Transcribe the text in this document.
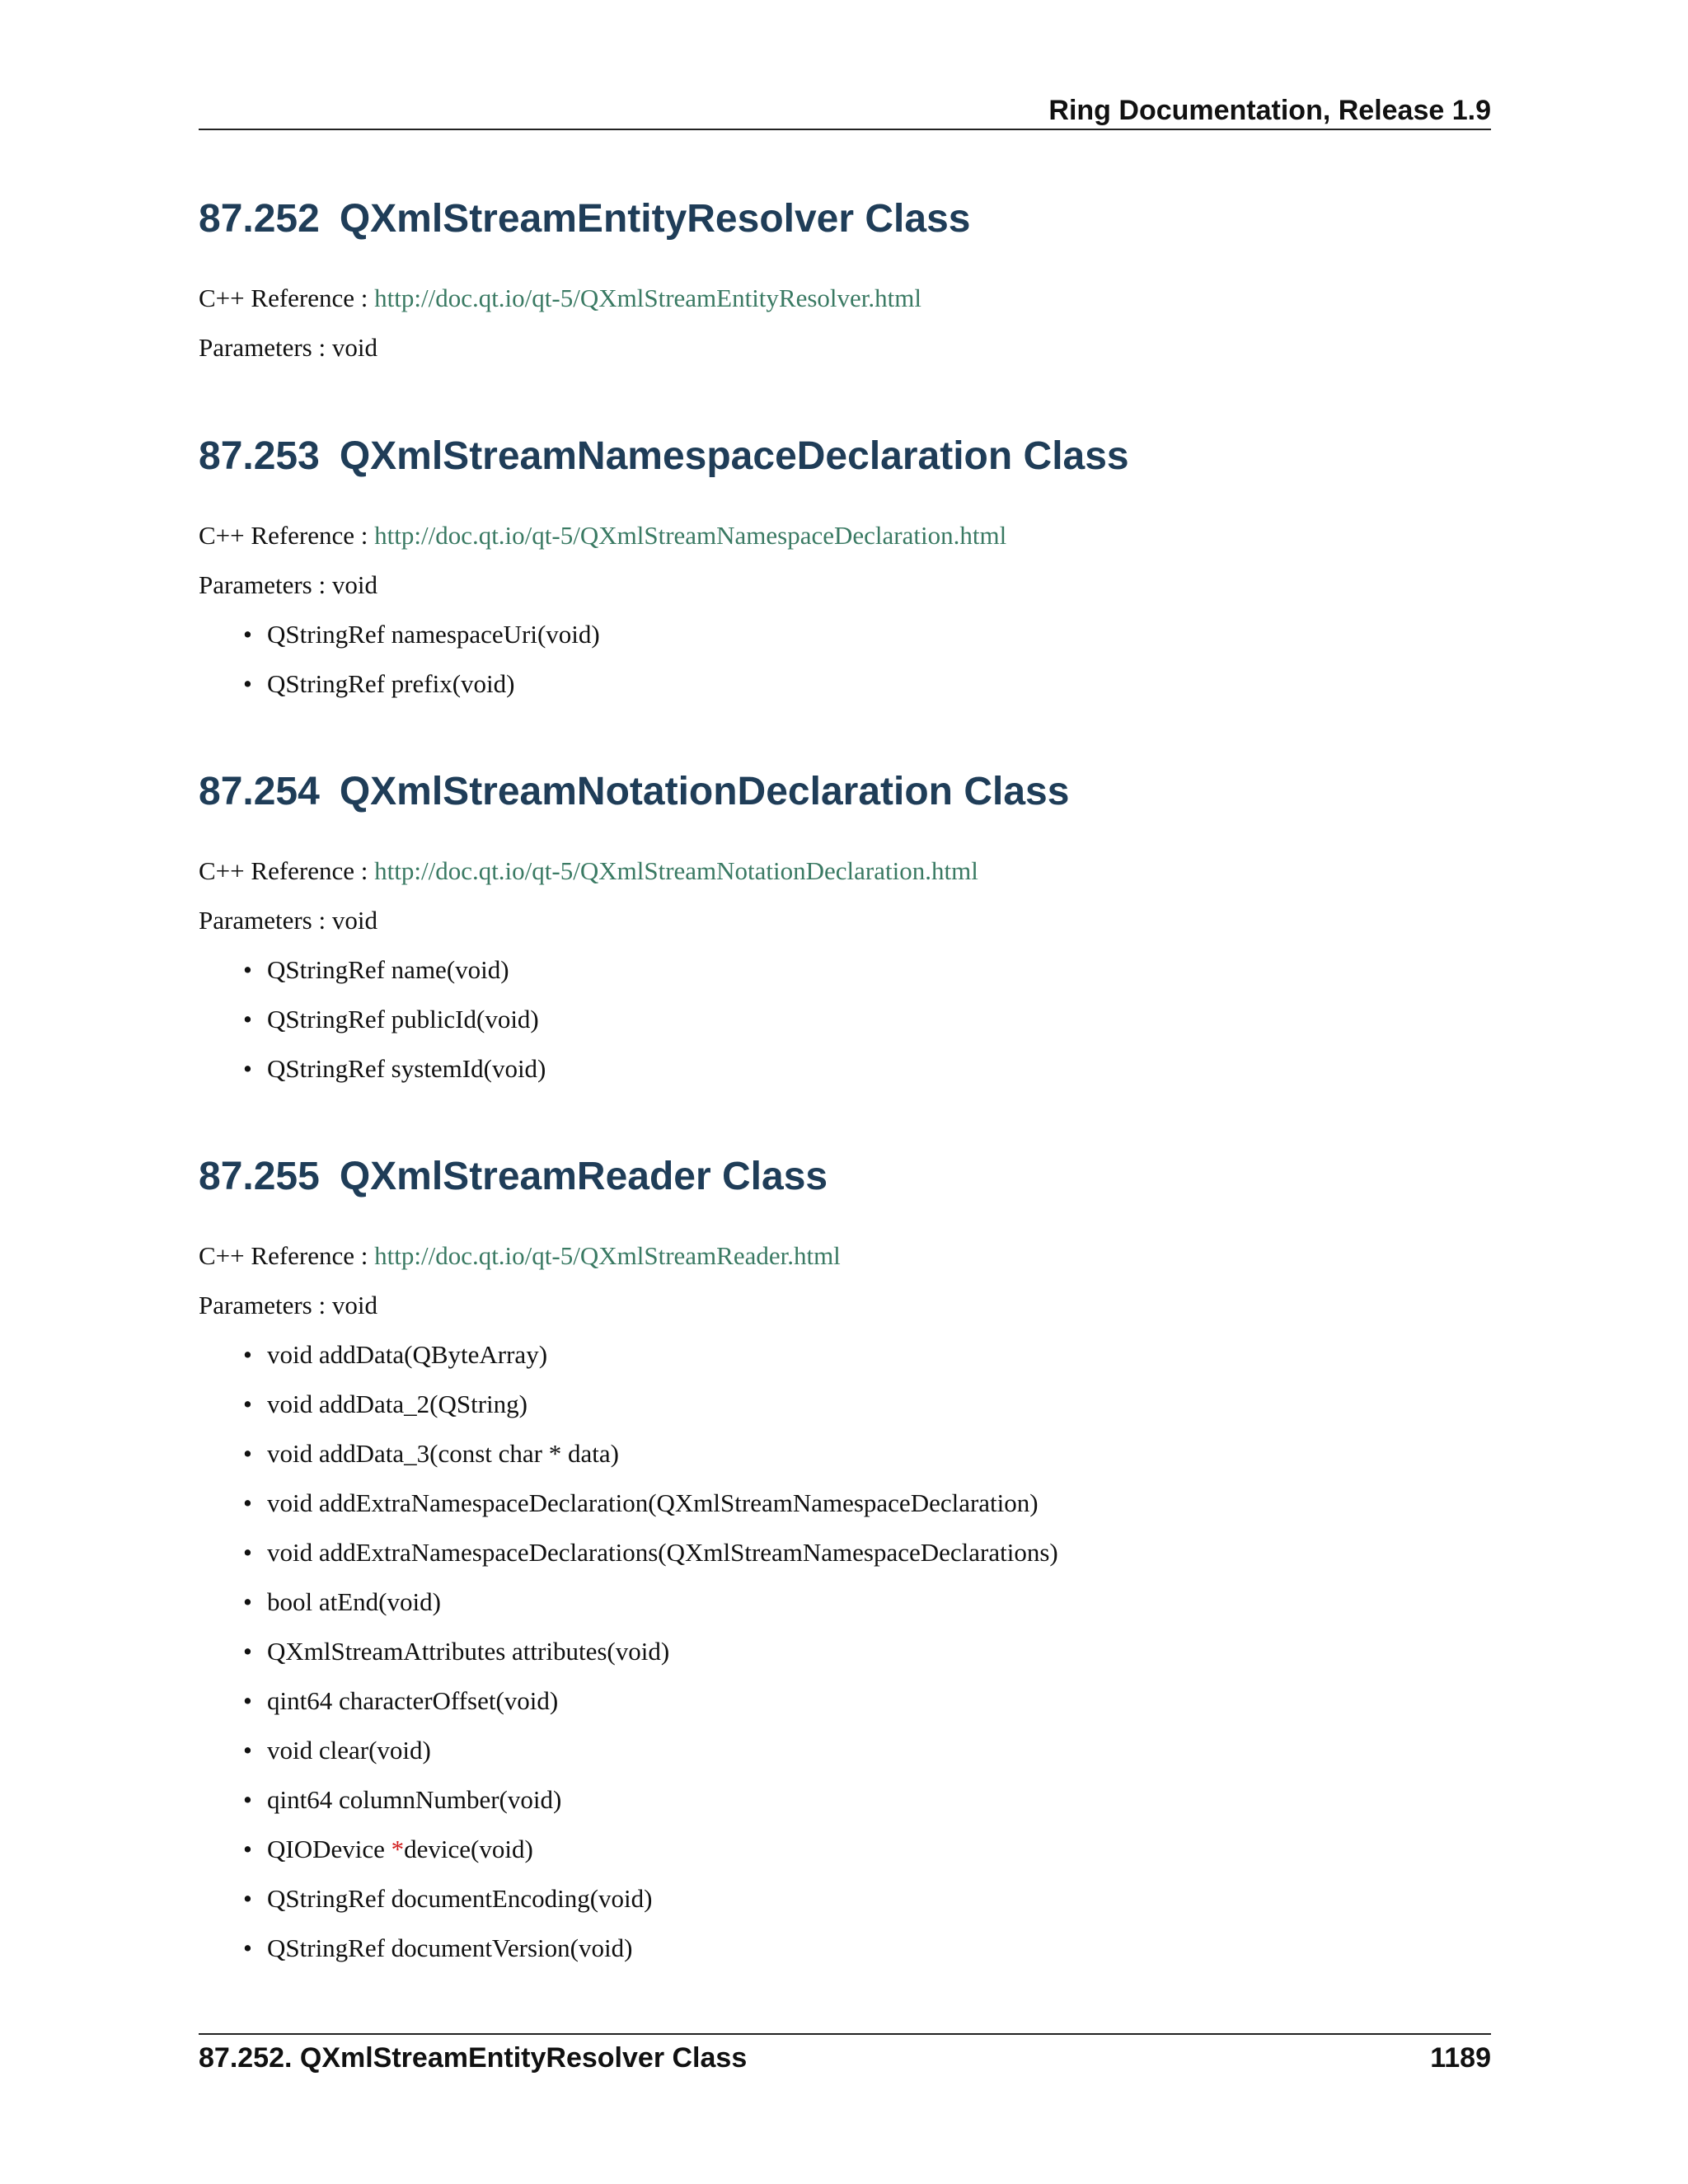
Ring Documentation, Release 1.9
87.252 QXmlStreamEntityResolver Class
C++ Reference : http://doc.qt.io/qt-5/QXmlStreamEntityResolver.html
Parameters : void
87.253 QXmlStreamNamespaceDeclaration Class
C++ Reference : http://doc.qt.io/qt-5/QXmlStreamNamespaceDeclaration.html
Parameters : void
• QStringRef namespaceUri(void)
• QStringRef prefix(void)
87.254 QXmlStreamNotationDeclaration Class
C++ Reference : http://doc.qt.io/qt-5/QXmlStreamNotationDeclaration.html
Parameters : void
• QStringRef name(void)
• QStringRef publicId(void)
• QStringRef systemId(void)
87.255 QXmlStreamReader Class
C++ Reference : http://doc.qt.io/qt-5/QXmlStreamReader.html
Parameters : void
• void addData(QByteArray)
• void addData_2(QString)
• void addData_3(const char * data)
• void addExtraNamespaceDeclaration(QXmlStreamNamespaceDeclaration)
• void addExtraNamespaceDeclarations(QXmlStreamNamespaceDeclarations)
• bool atEnd(void)
• QXmlStreamAttributes attributes(void)
• qint64 characterOffset(void)
• void clear(void)
• qint64 columnNumber(void)
• QIODevice *device(void)
• QStringRef documentEncoding(void)
• QStringRef documentVersion(void)
87.252. QXmlStreamEntityResolver Class	1189
